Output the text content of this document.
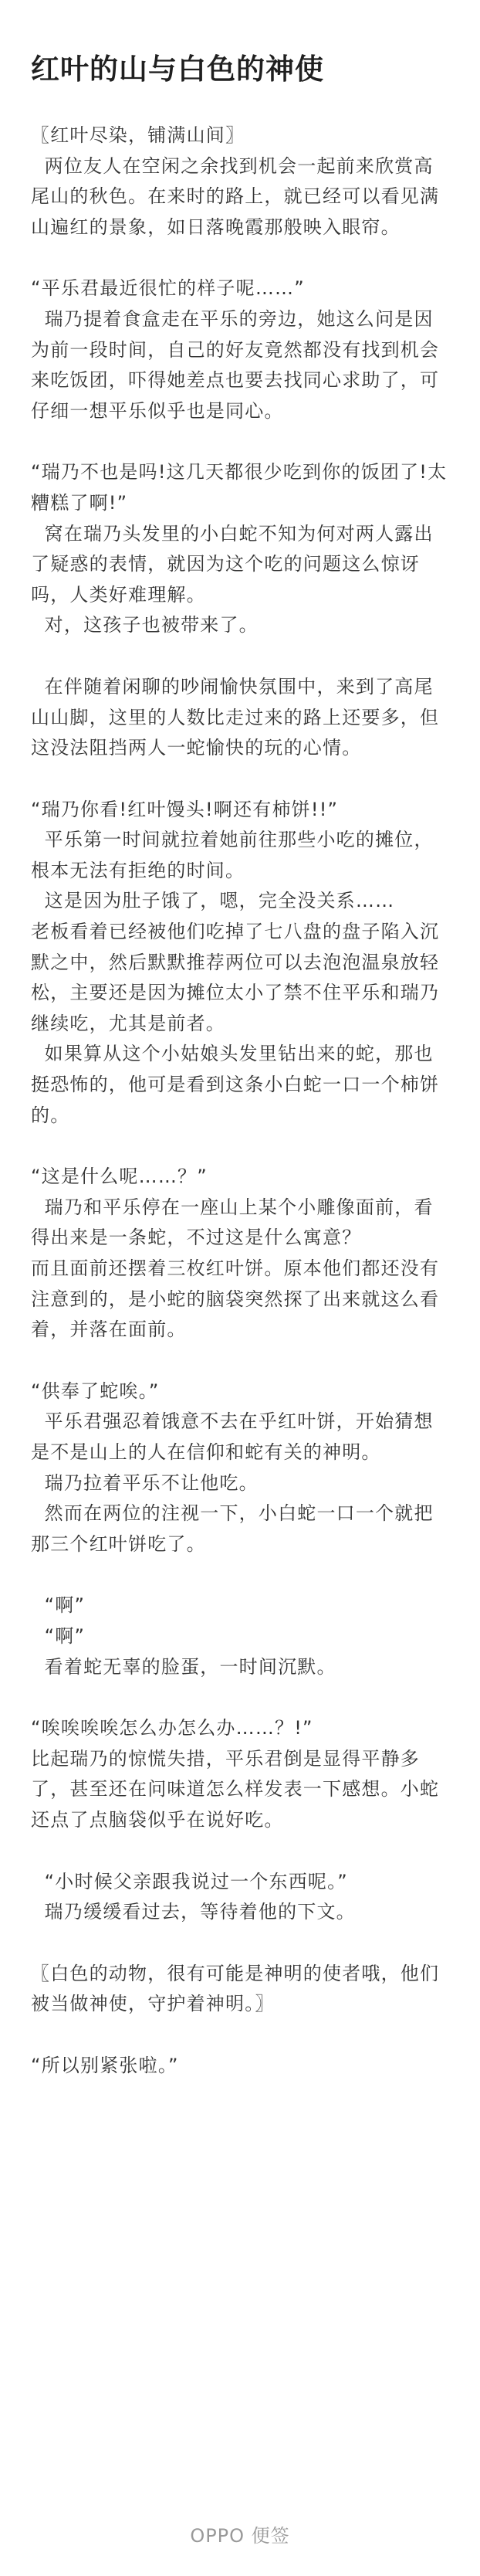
红叶的山与白色的神使

〖红叶尽染，铺满山间〗

两位友人在空闲之余找到机会一起前来欣赏高尾山的秋色。在来时的路上，就已经可以看见满山遍红的景象，如日落晚霞那般映入眼帘。

“平乐君最近很忙的样子呢……”

瑞乃提着食盒走在平乐的旁边，她这么问是因为前一段时间，自己的好友竟然都没有找到机会来吃饭团，吓得她差点也要去找同心求助了，可仔细一想平乐似乎也是同心。

“瑞乃不也是吗!这几天都很少吃到你的饭团了!太糟糕了啊!”

窝在瑞乃头发里的小白蛇不知为何对两人露出了疑惑的表情，就因为这个吃的问题这么惊讶吗，人类好难理解。

对，这孩子也被带来了。

在伴随着闲聊的吵闹愉快氛围中，来到了高尾山山脚，这里的人数比走过来的路上还要多，但这没法阻挡两人一蛇愉快的玩的心情。

“瑞乃你看!红叶馒头!啊还有柿饼!!”

平乐第一时间就拉着她前往那些小吃的摊位，根本无法有拒绝的时间。

这是因为肚子饿了，嗯，完全没关系……

老板看着已经被他们吃掉了七八盘的盘子陷入沉默之中，然后默默推荐两位可以去泡泡温泉放轻松，主要还是因为摊位太小了禁不住平乐和瑞乃继续吃，尤其是前者。

如果算从这个小姑娘头发里钻出来的蛇，那也挺恐怖的，他可是看到这条小白蛇一口一个柿饼的。

“这是什么呢……？”

瑞乃和平乐停在一座山上某个小雕像面前，看得出来是一条蛇，不过这是什么寓意？

而且面前还摆着三枚红叶饼。原本他们都还没有注意到的，是小蛇的脑袋突然探了出来就这么看着，并落在面前。

“供奉了蛇唉。”

平乐君强忍着饿意不去在乎红叶饼，开始猜想是不是山上的人在信仰和蛇有关的神明。

瑞乃拉着平乐不让他吃。

然而在两位的注视一下，小白蛇一口一个就把那三个红叶饼吃了。

“啊”

“啊”

看着蛇无辜的脸蛋，一时间沉默。

“唉唉唉唉怎么办怎么办……？!”

比起瑞乃的惊慌失措，平乐君倒是显得平静多了，甚至还在问味道怎么样发表一下感想。小蛇还点了点脑袋似乎在说好吃。

“小时候父亲跟我说过一个东西呢。”

瑞乃缓缓看过去，等待着他的下文。

〖白色的动物，很有可能是神明的使者哦，他们被当做神使，守护着神明。〗

“所以别紧张啦。”

OPPO 便签
